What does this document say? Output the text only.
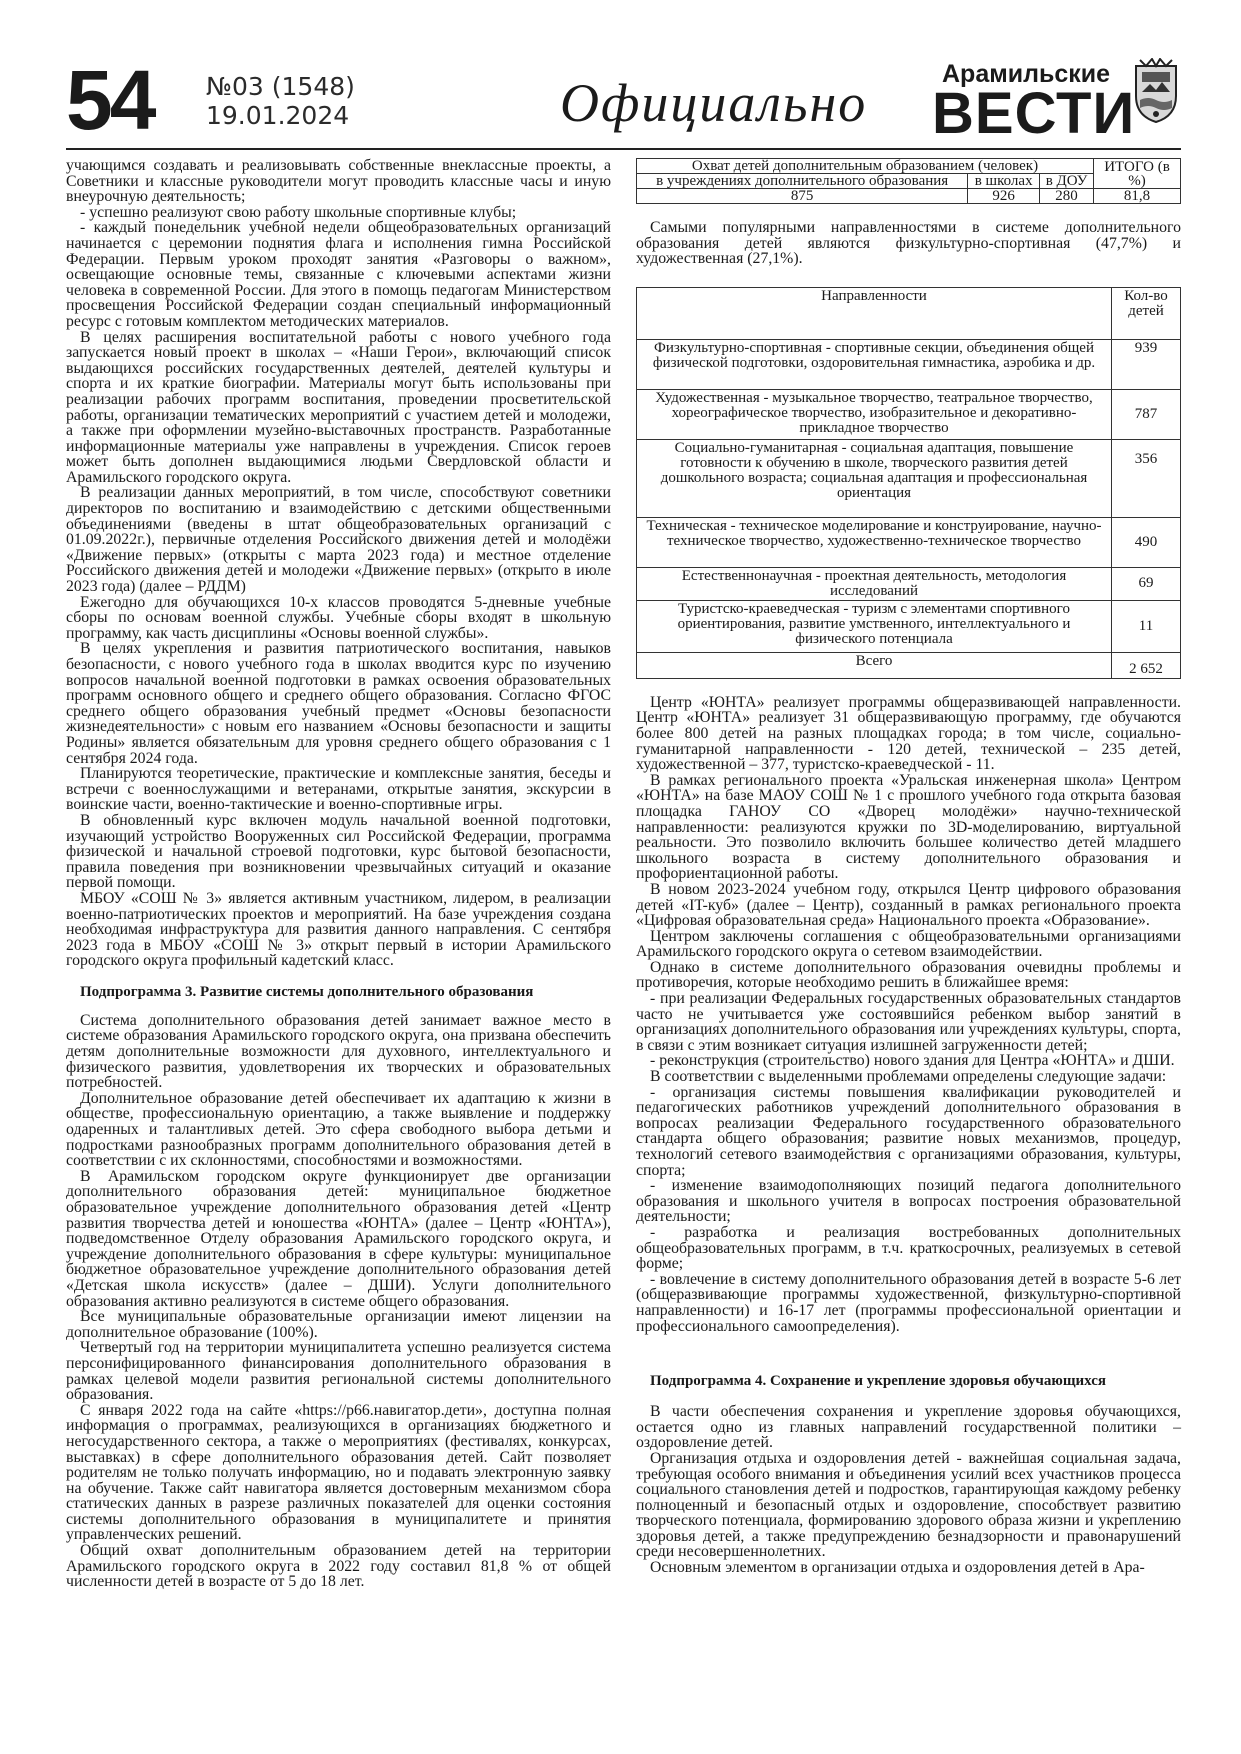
54 №03 (1548)
19.01.2024	Официально	Арамильские
ВЕСТИ

учающимся создавать и реализовывать собственные внеклассные проекты, а Советники и классные руководители могут проводить классные часы и иную внеурочную деятельность;

- успешно реализуют свою работу школьные спортивные клубы;

- каждый понедельник учебной недели общеобразовательных организаций начинается с церемонии поднятия флага и исполнения гимна Российской Федерации. Первым уроком проходят занятия «Разговоры о важном», освещающие основные темы, связанные с ключевыми аспектами жизни человека в современной России. Для этого в помощь педагогам Министерством просвещения Российской Федерации создан специальный информационный ресурс с готовым комплектом методических материалов.

В целях расширения воспитательной работы с нового учебного года запускается новый проект в школах – «Наши Герои», включающий список выдающихся российских государственных деятелей, деятелей культуры и спорта и их краткие биографии. Материалы могут быть использованы при реализации рабочих программ воспитания, проведении просветительской работы, организации тематических мероприятий с участием детей и молодежи, а также при оформлении музейно-выставочных пространств. Разработанные информационные материалы уже направлены в учреждения. Список героев может быть дополнен выдающимися людьми Свердловской области и Арамильского городского округа.

В реализации данных мероприятий, в том числе, способствуют советники директоров по воспитанию и взаимодействию с детскими общественными объединениями (введены в штат общеобразовательных организаций с 01.09.2022г.), первичные отделения Российского движения детей и молодёжи «Движение первых» (открыты с марта 2023 года) и местное отделение Российского движения детей и молодежи «Движение первых» (открыто в июле 2023 года) (далее – РДДМ)

Ежегодно для обучающихся 10-х классов проводятся 5-дневные учебные сборы по основам военной службы. Учебные сборы входят в школьную программу, как часть дисциплины «Основы военной службы».

В целях укрепления и развития патриотического воспитания, навыков безопасности, с нового учебного года в школах вводится курс по изучению вопросов начальной военной подготовки в рамках освоения образовательных программ основного общего и среднего общего образования. Согласно ФГОС среднего общего образования учебный предмет «Основы безопасности жизнедеятельности» с новым его названием «Основы безопасности и защиты Родины» является обязательным для уровня среднего общего образования с 1 сентября 2024 года.

Планируются теоретические, практические и комплексные занятия, беседы и встречи с военнослужащими и ветеранами, открытые занятия, экскурсии в воинские части, военно-тактические и военно-спортивные игры.

В обновленный курс включен модуль начальной военной подготовки, изучающий устройство Вооруженных сил Российской Федерации, программа физической и начальной строевой подготовки, курс бытовой безопасности, правила поведения при возникновении чрезвычайных ситуаций и оказание первой помощи.

МБОУ «СОШ № 3» является активным участником, лидером, в реализации военно-патриотических проектов и мероприятий. На базе учреждения создана необходимая инфраструктура для развития данного направления. С сентября 2023 года в МБОУ «СОШ № 3» открыт первый в истории Арамильского городского округа профильный кадетский класс.

Подпрограмма 3. Развитие системы дополнительного образования

Система дополнительного образования детей занимает важное место в системе образования Арамильского городского округа, она призвана обеспечить детям дополнительные возможности для духовного, интеллектуального и физического развития, удовлетворения их творческих и образовательных потребностей.

Дополнительное образование детей обеспечивает их адаптацию к жизни в обществе, профессиональную ориентацию, а также выявление и поддержку одаренных и талантливых детей. Это сфера свободного выбора детьми и подростками разнообразных программ дополнительного образования детей в соответствии с их склонностями, способностями и возможностями.

В Арамильском городском округе функционирует две организации дополнительного образования детей: муниципальное бюджетное образовательное учреждение дополнительного образования детей «Центр развития творчества детей и юношества «ЮНТА» (далее – Центр «ЮНТА»), подведомственное Отделу образования Арамильского городского округа, и учреждение дополнительного образования в сфере культуры: муниципальное бюджетное образовательное учреждение дополнительного образования детей «Детская школа искусств» (далее – ДШИ). Услуги дополнительного образования активно реализуются в системе общего образования.

Все муниципальные образовательные организации имеют лицензии на дополнительное образование (100%).

Четвертый год на территории муниципалитета успешно реализуется система персонифицированного финансирования дополнительного образования в рамках целевой модели развития региональной системы дополнительного образования.

С января 2022 года на сайте «https://р66.навигатор.дети», доступна полная информация о программах, реализующихся в организациях бюджетного и негосударственного сектора, а также о мероприятиях (фестивалях, конкурсах, выставках) в сфере дополнительного образования детей. Сайт позволяет родителям не только получать информацию, но и подавать электронную заявку на обучение. Также сайт навигатора является достоверным механизмом сбора статических данных в разрезе различных показателей для оценки состояния системы дополнительного образования в муниципалитете и принятия управленческих решений.

Общий охват дополнительным образованием детей на территории Арамильского городского округа в 2022 году составил 81,8 % от общей численности детей в возрасте от 5 до 18 лет.

Охват детей дополнительным образованием (человек)			ИТОГО (в %)
в учреждениях дополнительного образования	в школах	в ДОУ	
875	926	280	81,8

Самыми популярными направленностями в системе дополнительного образования детей являются физкультурно-спортивная (47,7%) и художественная (27,1%).

Направленности	Кол-во детей
Физкультурно-спортивная - спортивные секции, объединения общей физической подготовки, оздоровительная гимнастика, аэробика и др.	939
Художественная - музыкальное творчество, театральное творчество, хореографическое творчество, изобразительное и декоративно-прикладное творчество	787
Социально-гуманитарная - социальная адаптация, повышение готовности к обучению в школе, творческого развития детей дошкольного возраста; социальная адаптация и профессиональная ориентация	356
Техническая - техническое моделирование и конструирование, научно-техническое творчество, художественно-техническое творчество	490
Естественнонаучная - проектная деятельность, методология исследований	69
Туристско-краеведческая - туризм с элементами спортивного ориентирования, развитие умственного, интеллектуального и физического потенциала	11
Всего	2 652

Центр «ЮНТА» реализует программы общеразвивающей направленности. Центр «ЮНТА» реализует 31 общеразвивающую программу, где обучаются более 800 детей на разных площадках города; в том числе, социально-гуманитарной направленности - 120 детей, технической – 235 детей, художественной – 377, туристско-краеведческой - 11.

В рамках регионального проекта «Уральская инженерная школа» Центром «ЮНТА» на базе МАОУ СОШ № 1 с прошлого учебного года открыта базовая площадка ГАНОУ СО «Дворец молодёжи» научно-технической направленности: реализуются кружки по 3D-моделированию, виртуальной реальности. Это позволило включить большее количество детей младшего школьного возраста в систему дополнительного образования и профориентационной работы.

В новом 2023-2024 учебном году, открылся Центр цифрового образования детей «IT-куб» (далее – Центр), созданный в рамках регионального проекта «Цифровая образовательная среда» Национального проекта «Образование».

Центром заключены соглашения с общеобразовательными организациями Арамильского городского округа о сетевом взаимодействии.

Однако в системе дополнительного образования очевидны проблемы и противоречия, которые необходимо решить в ближайшее время:

- при реализации Федеральных государственных образовательных стандартов часто не учитывается уже состоявшийся ребенком выбор занятий в организациях дополнительного образования или учреждениях культуры, спорта, в связи с этим возникает ситуация излишней загруженности детей;

- реконструкция (строительство) нового здания для Центра «ЮНТА» и ДШИ.

В соответствии с выделенными проблемами определены следующие задачи:

- организация системы повышения квалификации руководителей и педагогических работников учреждений дополнительного образования в вопросах реализации Федерального государственного образовательного стандарта общего образования; развитие новых механизмов, процедур, технологий сетевого взаимодействия с организациями образования, культуры, спорта;

- изменение взаимодополняющих позиций педагога дополнительного образования и школьного учителя в вопросах построения образовательной деятельности;

- разработка и реализация востребованных дополнительных общеобразовательных программ, в т.ч. краткосрочных, реализуемых в сетевой форме;

- вовлечение в систему дополнительного образования детей в возрасте 5-6 лет (общеразвивающие программы художественной, физкультурно-спортивной направленности) и 16-17 лет (программы профессиональной ориентации и профессионального самоопределения).

Подпрограмма 4. Сохранение и укрепление здоровья обучающихся

В части обеспечения сохранения и укрепление здоровья обучающихся, остается одно из главных направлений государственной политики – оздоровление детей.

Организация отдыха и оздоровления детей - важнейшая социальная задача, требующая особого внимания и объединения усилий всех участников процесса социального становления детей и подростков, гарантирующая каждому ребенку полноценный и безопасный отдых и оздоровление, способствует развитию творческого потенциала, формированию здорового образа жизни и укреплению здоровья детей, а также предупреждению безнадзорности и правонарушений среди несовершеннолетних.

Основным элементом в организации отдыха и оздоровления детей в Ара-
